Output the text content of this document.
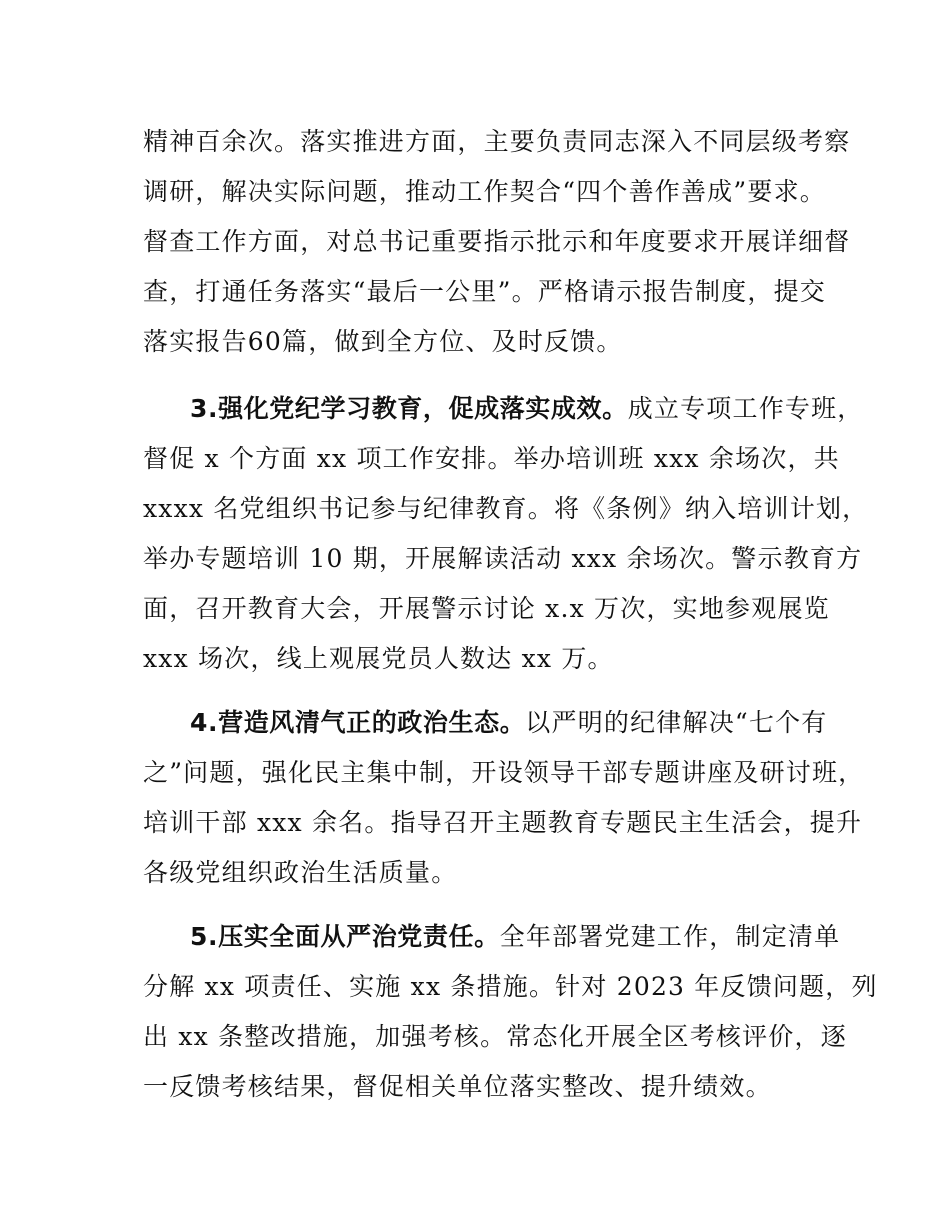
精神百余次。落实推进方面，主要负责同志深入不同层级考察
调研，解决实际问题，推动工作契合“四个善作善成”要求。
督查工作方面，对总书记重要指示批示和年度要求开展详细督
查，打通任务落实“最后一公里”。严格请示报告制度，提交
落实报告60篇，做到全方位、及时反馈。
3.强化党纪学习教育，促成落实成效。成立专项工作专班，
督促 x 个方面 xx 项工作安排。举办培训班 xxx 余场次，共
xxxx 名党组织书记参与纪律教育。将《条例》纳入培训计划，
举办专题培训 10 期，开展解读活动 xxx 余场次。警示教育方
面，召开教育大会，开展警示讨论 x.x 万次，实地参观展览
xxx 场次，线上观展党员人数达 xx 万。
4.营造风清气正的政治生态。以严明的纪律解决“七个有
之”问题，强化民主集中制，开设领导干部专题讲座及研讨班，
培训干部 xxx 余名。指导召开主题教育专题民主生活会，提升
各级党组织政治生活质量。
5.压实全面从严治党责任。全年部署党建工作，制定清单
分解 xx 项责任、实施 xx 条措施。针对 2023 年反馈问题，列
出 xx 条整改措施，加强考核。常态化开展全区考核评价，逐
一反馈考核结果，督促相关单位落实整改、提升绩效。
